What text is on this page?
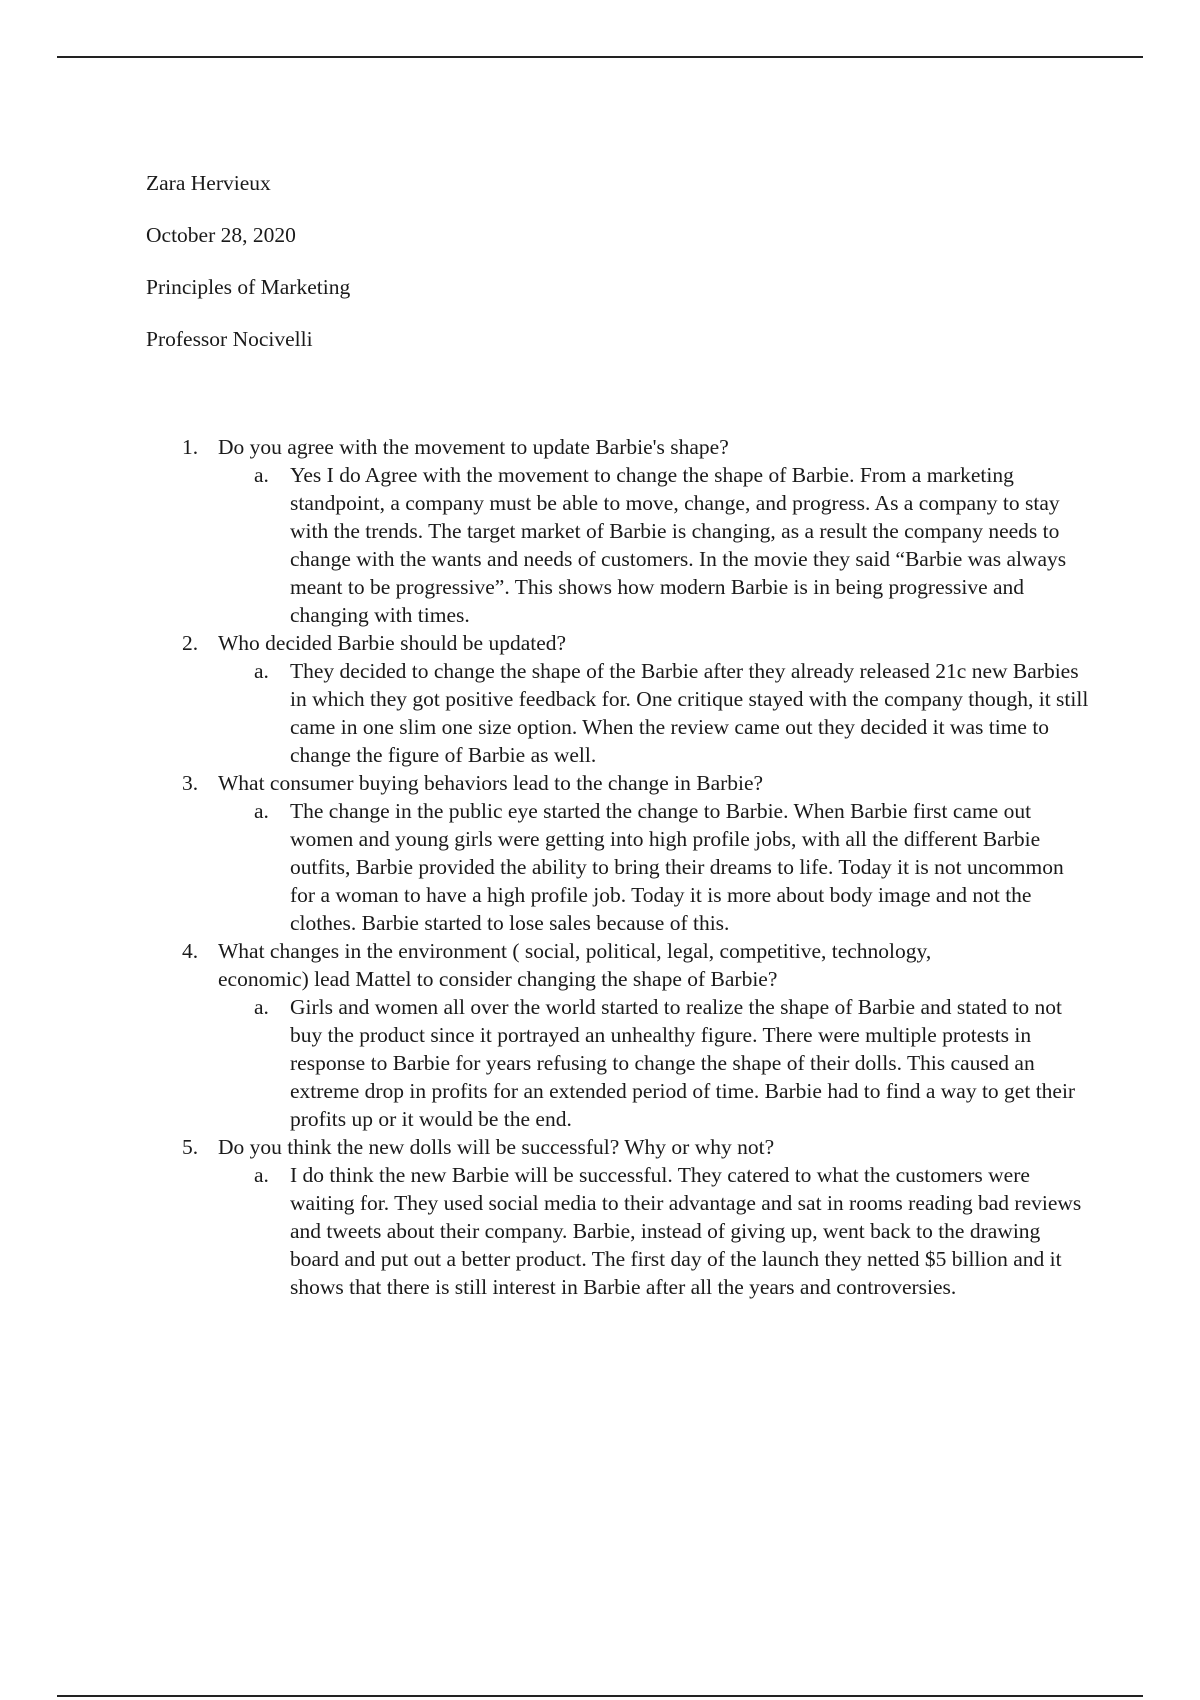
Zara Hervieux
October 28, 2020
Principles of Marketing
Professor Nocivelli
1. Do you agree with the movement to update Barbie's shape?
a. Yes I do Agree with the movement to change the shape of Barbie. From a marketing standpoint, a company must be able to move, change, and progress. As a company to stay with the trends. The target market of Barbie is changing, as a result the company needs to change with the wants and needs of customers. In the movie they said “Barbie was always meant to be progressive”. This shows how modern Barbie is in being progressive and changing with times.
2. Who decided Barbie should be updated?
a. They decided to change the shape of the Barbie after they already released 21c new Barbies in which they got positive feedback for. One critique stayed with the company though, it still came in one slim one size option. When the review came out they decided it was time to change the figure of Barbie as well.
3. What consumer buying behaviors lead to the change in Barbie?
a. The change in the public eye started the change to Barbie. When Barbie first came out women and young girls were getting into high profile jobs, with all the different Barbie outfits, Barbie provided the ability to bring their dreams to life. Today it is not uncommon for a woman to have a high profile job. Today it is more about body image and not the clothes. Barbie started to lose sales because of this.
4. What changes in the environment ( social, political, legal, competitive, technology, economic) lead Mattel to consider changing the shape of Barbie?
a. Girls and women all over the world started to realize the shape of Barbie and stated to not buy the product since it portrayed an unhealthy figure. There were multiple protests in response to Barbie for years refusing to change the shape of their dolls. This caused an extreme drop in profits for an extended period of time. Barbie had to find a way to get their profits up or it would be the end.
5. Do you think the new dolls will be successful? Why or why not?
a. I do think the new Barbie will be successful. They catered to what the customers were waiting for. They used social media to their advantage and sat in rooms reading bad reviews and tweets about their company. Barbie, instead of giving up, went back to the drawing board and put out a better product. The first day of the launch they netted $5 billion and it shows that there is still interest in Barbie after all the years and controversies.
